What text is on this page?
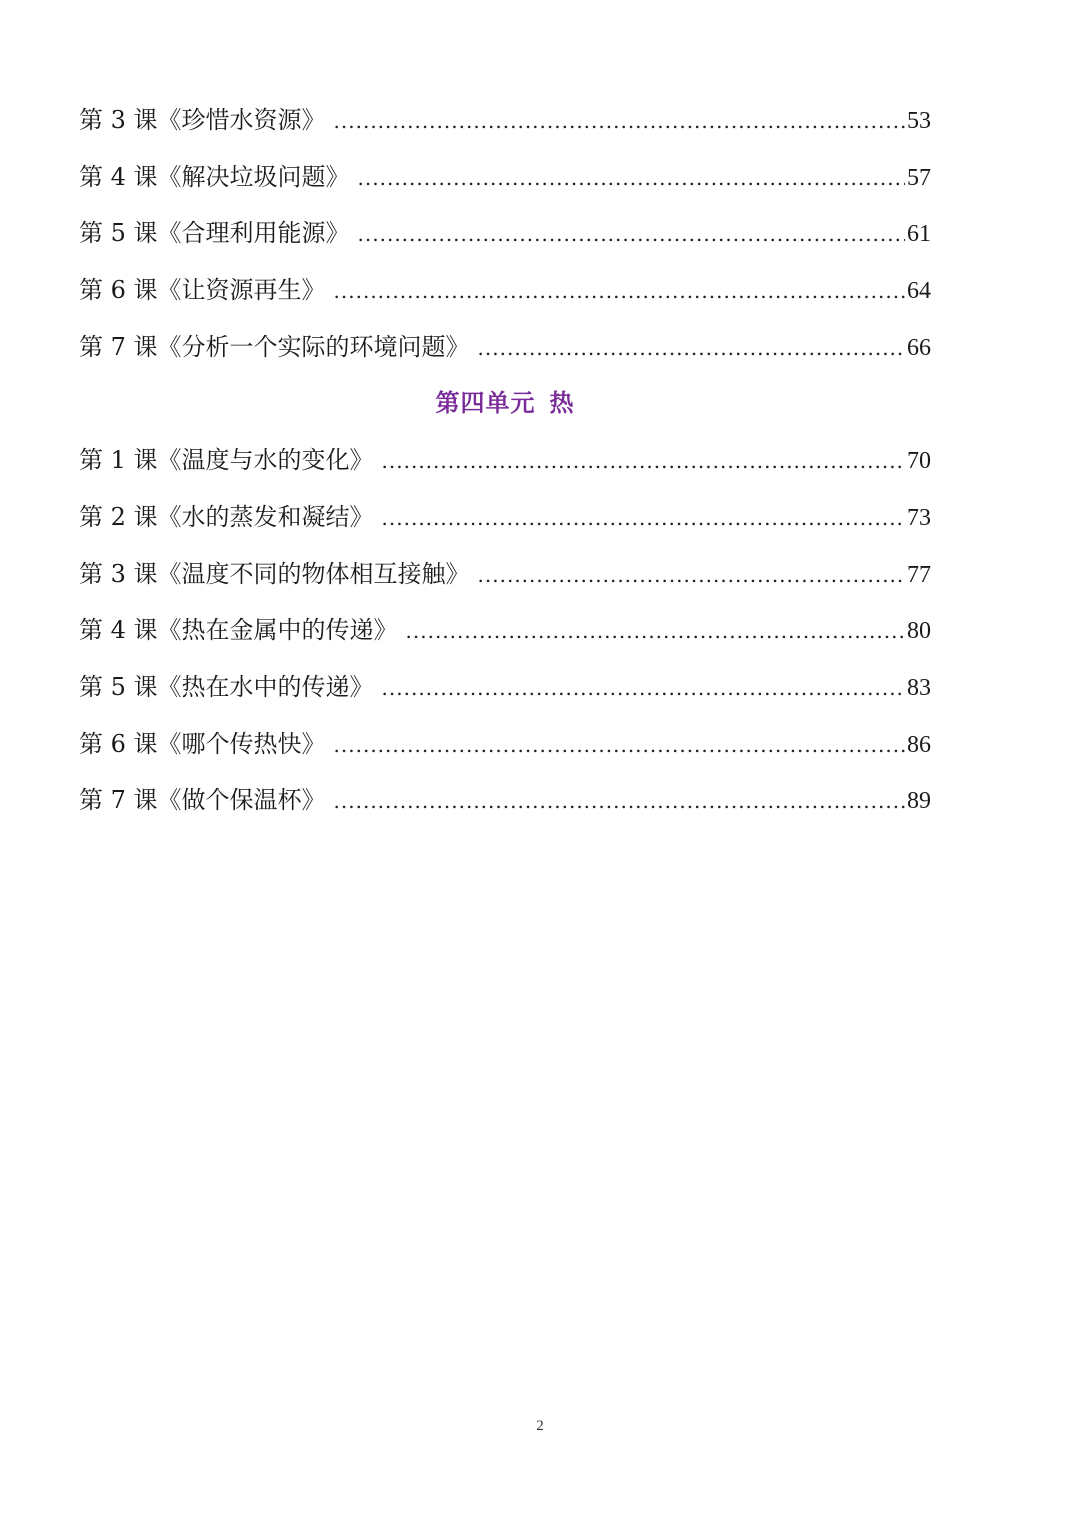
第 3 课 《珍惜水资源》 .....	53
第 4 课 《解决垃圾问题》 .....	57
第 5 课 《合理利用能源》 .....	61
第 6 课 《让资源再生》 .....	64
第 7 课 《分析一个实际的环境问题》 .....	66
第四单元 热
第 1 课 《温度与水的变化》 .....	70
第 2 课 《水的蒸发和凝结》 .....	73
第 3 课 《温度不同的物体相互接触》 .....	77
第 4 课 《热在金属中的传递》 .....	80
第 5 课 《热在水中的传递》 .....	83
第 6 课 《哪个传热快》 .....	86
第 7 课 《做个保温杯》 .....	89
2
